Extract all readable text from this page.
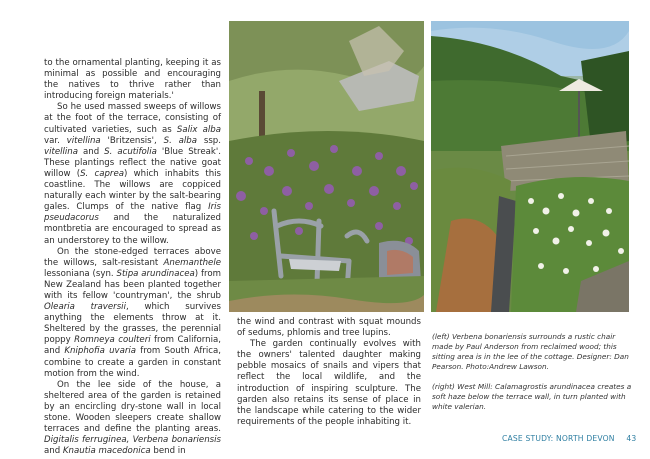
to the ornamental planting, keeping it as minimal as possible and encouraging the natives to thrive rather than introducing foreign materials.'

So he used massed sweeps of willows at the foot of the terrace, consisting of cultivated varieties, such as Salix alba var. vitellina 'Britzensis', S. alba ssp. vitellina and S. acutifolia 'Blue Streak'. These plantings reflect the native goat willow (S. caprea) which inhabits this coastline. The willows are coppiced naturally each winter by the salt-bearing gales. Clumps of the native flag Iris pseudacorus and the naturalized montbretia are encouraged to spread as an understorey to the willow.

On the stone-edged terraces above the willows, salt-resistant Anemanthele lessoniana (syn. Stipa arundinacea) from New Zealand has been planted together with its fellow 'countryman', the shrub Olearia traversii, which survives anything the elements throw at it. Sheltered by the grasses, the perennial poppy Romneya coulteri from California, and Kniphofia uvaria from South Africa, combine to create a garden in constant motion from the wind.

On the lee side of the house, a sheltered area of the garden is retained by an encircling dry-stone wall in local stone. Wooden sleepers create shallow terraces and define the planting areas. Digitalis ferruginea, Verbena bonariensis and Knautia macedonica bend in

the wind and contrast with squat mounds of sedums, phlomis and tree lupins.

The garden continually evolves with the owners' talented daughter making pebble mosaics of snails and vipers that reflect the local wildlife, and the introduction of inspiring sculpture. The garden also retains its sense of place in the landscape while catering to the wider requirements of the people inhabiting it.

(left) Verbena bonariensis surrounds a rustic chair made by Paul Anderson from reclaimed wood; this sitting area is in the lee of the cottage. Designer: Dan Pearson. Photo:Andrew Lawson.

(right) West Mill: Calamagrostis arundinacea creates a soft haze below the terrace wall, in turn planted with white valerian.

CASE STUDY: NORTH DEVON 43
